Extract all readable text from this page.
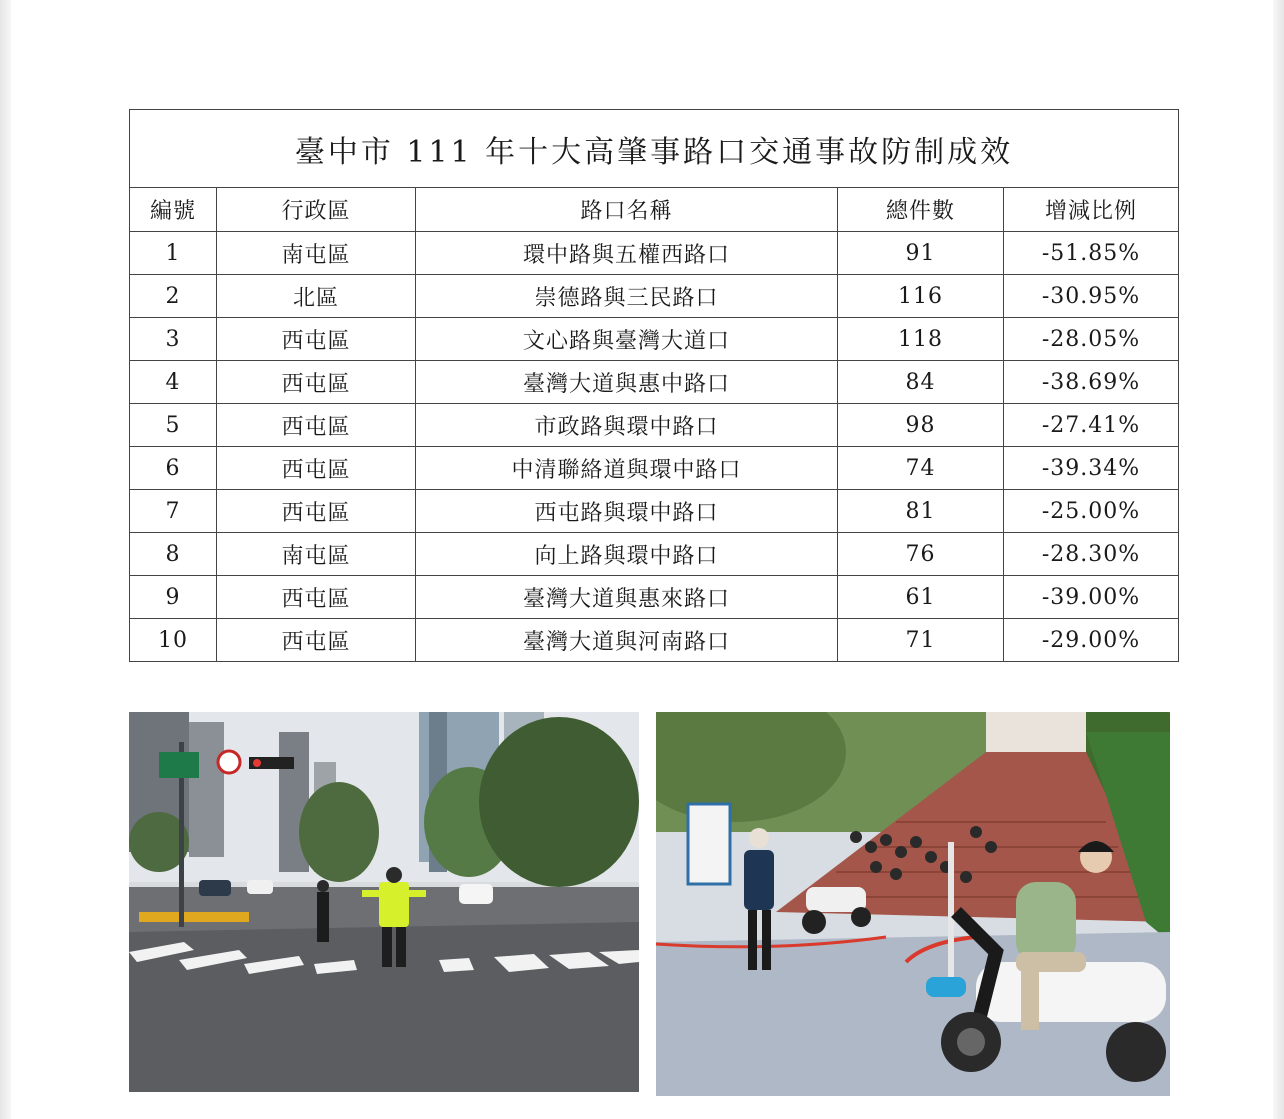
臺中市 111 年十大高肇事路口交通事故防制成效				
編號	行政區	路口名稱	總件數	增減比例
1	南屯區	環中路與五權西路口	91	-51.85%
2	北區	崇德路與三民路口	116	-30.95%
3	西屯區	文心路與臺灣大道口	118	-28.05%
4	西屯區	臺灣大道與惠中路口	84	-38.69%
5	西屯區	市政路與環中路口	98	-27.41%
6	西屯區	中清聯絡道與環中路口	74	-39.34%
7	西屯區	西屯路與環中路口	81	-25.00%
8	南屯區	向上路與環中路口	76	-28.30%
9	西屯區	臺灣大道與惠來路口	61	-39.00%
10	西屯區	臺灣大道與河南路口	71	-29.00%
